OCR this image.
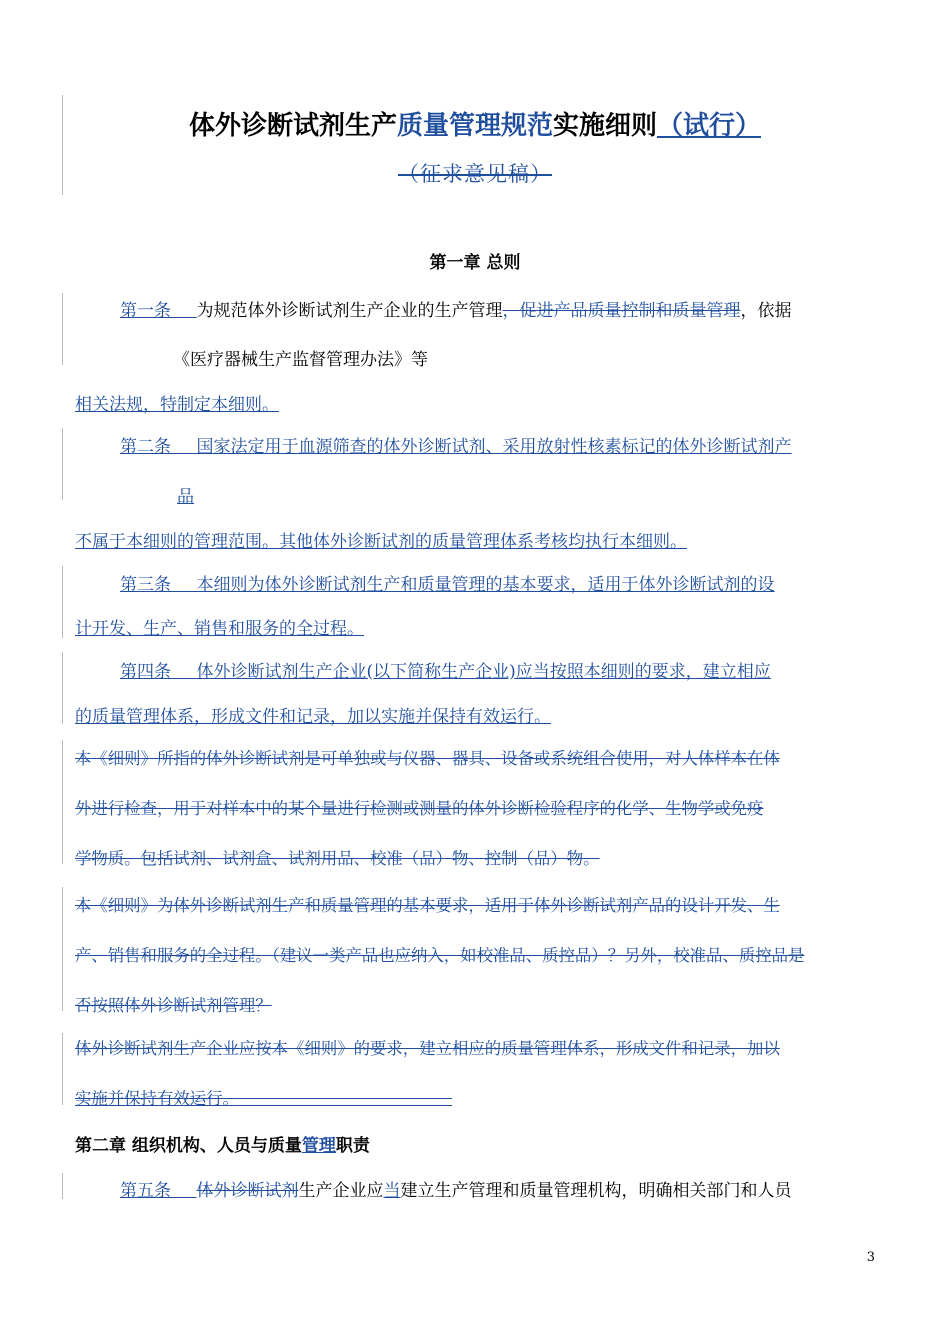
体外诊断试剂生产质量管理规范实施细则（试行）
（征求意见稿）
第一章 总则
第一条   为规范体外诊断试剂生产企业的生产管理，促进产品质量控制和质量管理，依据
《医疗器械生产监督管理办法》等
相关法规，特制定本细则。
第二条   国家法定用于血源筛查的体外诊断试剂、采用放射性核素标记的体外诊断试剂产
品
不属于本细则的管理范围。其他体外诊断试剂的质量管理体系考核均执行本细则。
第三条   本细则为体外诊断试剂生产和质量管理的基本要求，适用于体外诊断试剂的设
计开发、生产、销售和服务的全过程。
第四条   体外诊断试剂生产企业(以下简称生产企业)应当按照本细则的要求，建立相应
的质量管理体系，形成文件和记录，加以实施并保持有效运行。
本《细则》所指的体外诊断试剂是可单独或与仪器、器具、设备或系统组合使用，对人体样本在体
外进行检查，用于对样本中的某个量进行检测或测量的体外诊断检验程序的化学、生物学或免疫
学物质。包括试剂、试剂盒、试剂用品、校准（品）物、控制（品）物。
本《细则》为体外诊断试剂生产和质量管理的基本要求，适用于体外诊断试剂产品的设计开发、生
产、销售和服务的全过程。（建议一类产品也应纳入，如校准品、质控品）？另外，校准品、质控品是
否按照体外诊断试剂管理？
体外诊断试剂生产企业应按本《细则》的要求，建立相应的质量管理体系，形成文件和记录，加以
实施并保持有效运行。             
第二章 组织机构、人员与质量管理职责
第五条   体外诊断试剂生产企业应当建立生产管理和质量管理机构，明确相关部门和人员
3
